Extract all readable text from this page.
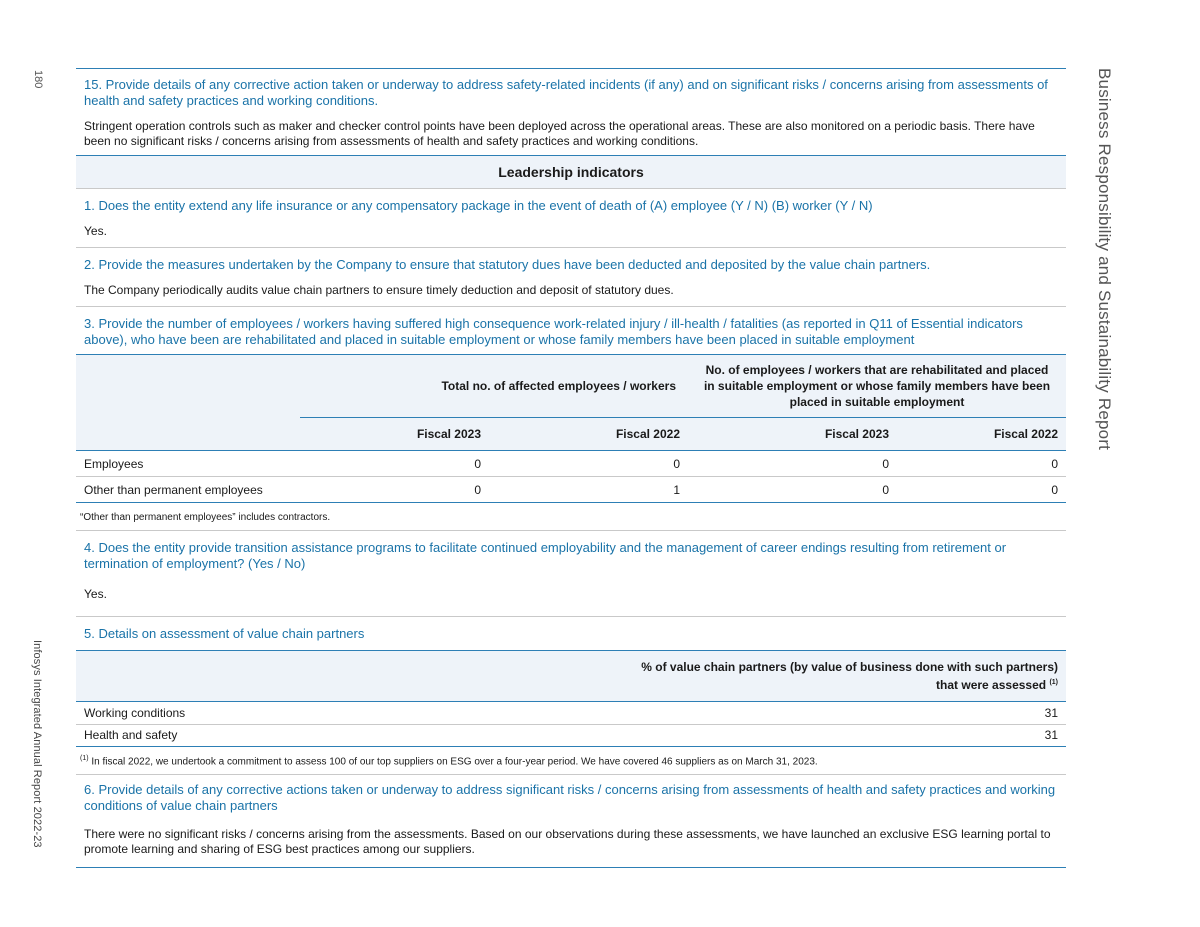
180
Infosys Integrated Annual Report 2022-23
Business Responsibility and Sustainability Report
15. Provide details of any corrective action taken or underway to address safety-related incidents (if any) and on significant risks / concerns arising from assessments of health and safety practices and working conditions.
Stringent operation controls such as maker and checker control points have been deployed across the operational areas. These are also monitored on a periodic basis. There have been no significant risks / concerns arising from assessments of health and safety practices and working conditions.
Leadership indicators
1. Does the entity extend any life insurance or any compensatory package in the event of death of (A) employee (Y / N) (B) worker (Y / N)
Yes.
2. Provide the measures undertaken by the Company to ensure that statutory dues have been deducted and deposited by the value chain partners.
The Company periodically audits value chain partners to ensure timely deduction and deposit of statutory dues.
3. Provide the number of employees / workers having suffered high consequence work-related injury / ill-health / fatalities (as reported in Q11 of Essential indicators above), who have been are rehabilitated and placed in suitable employment or whose family members have been placed in suitable employment
	Total no. of affected employees / workers		No. of employees / workers that are rehabilitated and placed in suitable employment or whose family members have been placed in suitable employment	
	Fiscal 2023	Fiscal 2022	Fiscal 2023	Fiscal 2022
Employees	0	0	0	0
Other than permanent employees	0	1	0	0
“Other than permanent employees” includes contractors.
4. Does the entity provide transition assistance programs to facilitate continued employability and the management of career endings resulting from retirement or termination of employment? (Yes / No)
Yes.
5. Details on assessment of value chain partners
% of value chain partners (by value of business done with such partners)
that were assessed $^{(1)}$
Working conditions	31
Health and safety	31
$^{(1)}$ In fiscal 2022, we undertook a commitment to assess 100 of our top suppliers on ESG over a four-year period. We have covered 46 suppliers as on March 31, 2023.
6. Provide details of any corrective actions taken or underway to address significant risks / concerns arising from assessments of health and safety practices and working conditions of value chain partners
There were no significant risks / concerns arising from the assessments. Based on our observations during these assessments, we have launched an exclusive ESG learning portal to promote learning and sharing of ESG best practices among our suppliers.
